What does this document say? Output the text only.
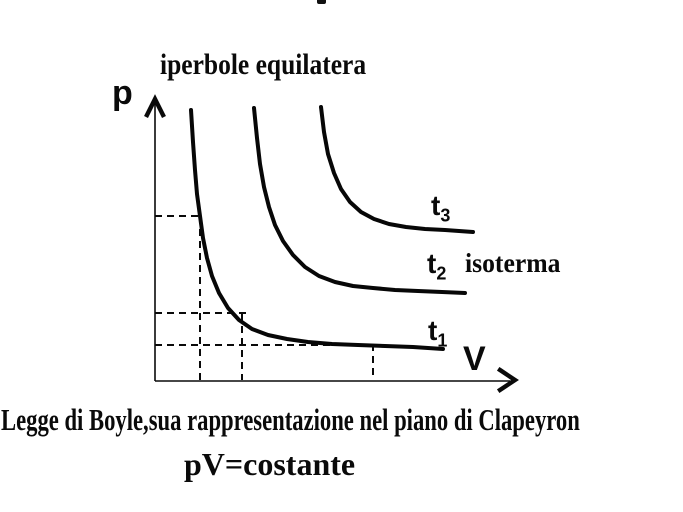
iperbole equilatera
p
V
$t_1$
$t_2$
$t_3$
isoterma
Legge di Boyle,sua rappresentazione nel piano di Clapeyron
pV=costante
